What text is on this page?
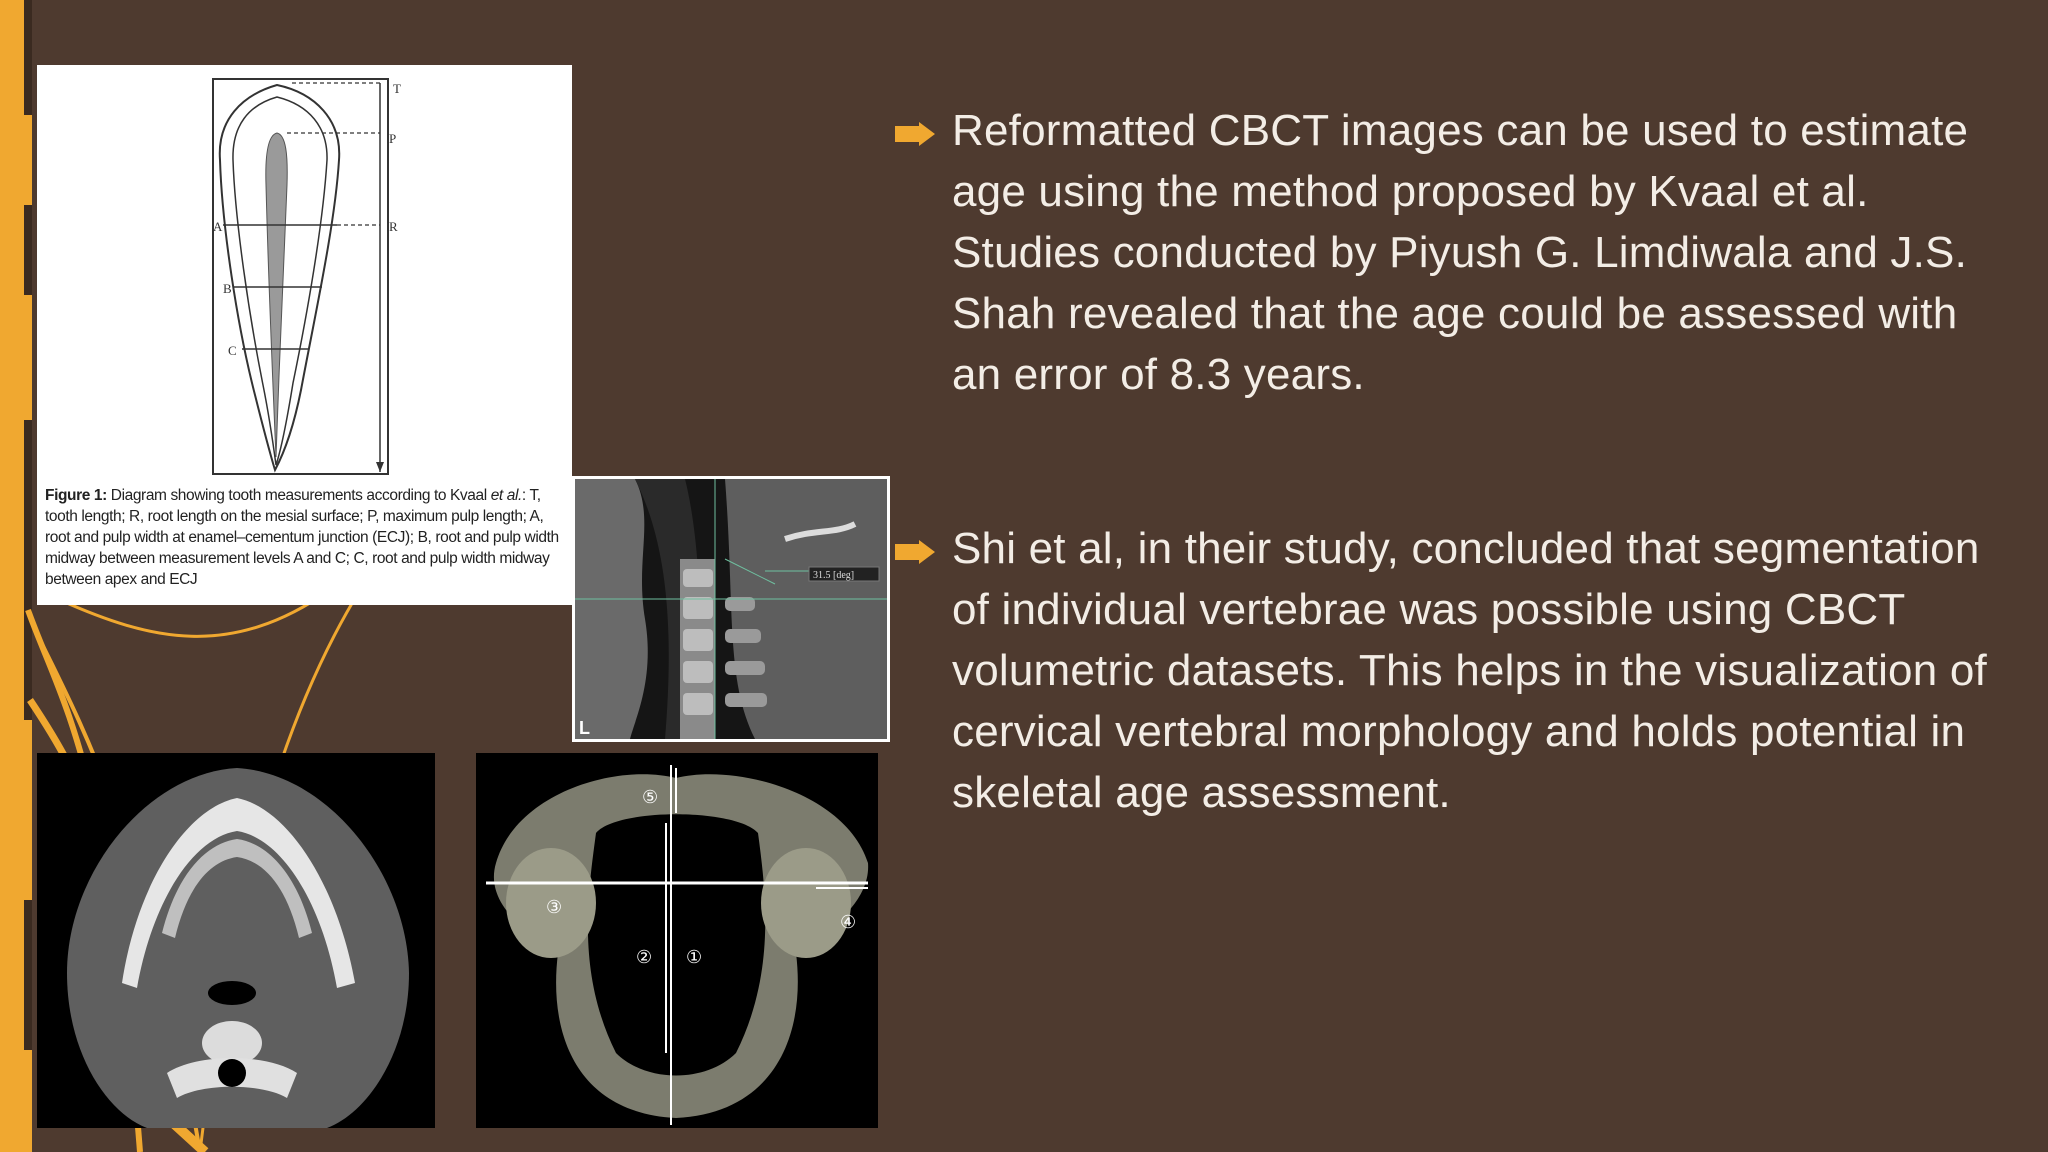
T
P
R
A
B
C
Figure 1: Diagram showing tooth measurements according to Kvaal et al.: T, tooth length; R, root length on the mesial surface; P, maximum pulp length; A, root and pulp width at enamel–cementum junction (ECJ); B, root and pulp width midway between measurement levels A and C; C, root and pulp width midway between apex and ECJ	31.5 [deg]
L
①
②
③
④
⑤
Reformatted CBCT images can be used to estimate age using the method proposed by Kvaal et al. Studies conducted by Piyush G. Limdiwala and J.S. Shah revealed that the age could be assessed with an error of 8.3 years.
Shi et al, in their study, concluded that segmentation of individual vertebrae was possible using CBCT volumetric datasets. This helps in the visualization of cervical vertebral morphology and holds potential in skeletal age assessment.
